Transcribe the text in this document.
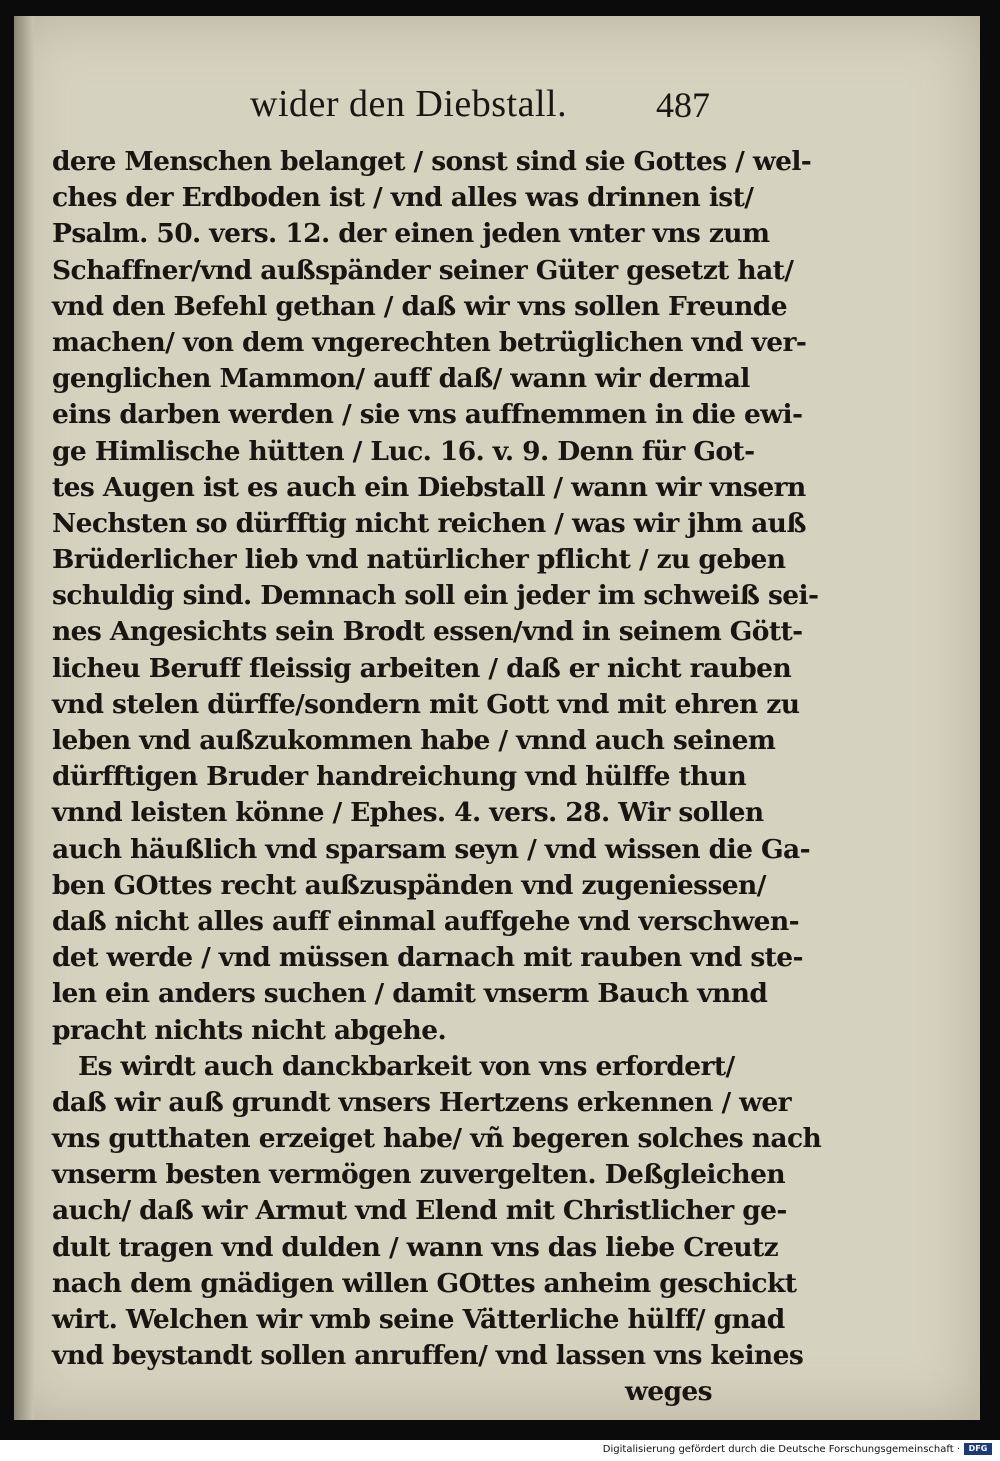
wider den Diebstall. 487
dere Menschen belanget / sonst sind sie Gottes / wel-
ches der Erdboden ist / vnd alles was drinnen ist/
Psalm. 50. vers. 12. der einen jeden vnter vns zum
Schaffner/vnd außspänder seiner Güter gesetzt hat/
vnd den Befehl gethan / daß wir vns sollen Freunde
machen/ von dem vngerechten betrüglichen vnd ver-
genglichen Mammon/ auff daß/ wann wir dermal
eins darben werden / sie vns auffnemmen in die ewi-
ge Himlische hütten / Luc. 16. v. 9. Denn für Got-
tes Augen ist es auch ein Diebstall / wann wir vnsern
Nechsten so dürfftig nicht reichen / was wir jhm auß
Brüderlicher lieb vnd natürlicher pflicht / zu geben
schuldig sind. Demnach soll ein jeder im schweiß sei-
nes Angesichts sein Brodt essen/vnd in seinem Gött-
licheu Beruff fleissig arbeiten / daß er nicht rauben
vnd stelen dürffe/sondern mit Gott vnd mit ehren zu
leben vnd außzukommen habe / vnnd auch seinem
dürfftigen Bruder handreichung vnd hülffe thun
vnnd leisten könne / Ephes. 4. vers. 28. Wir sollen
auch häußlich vnd sparsam seyn / vnd wissen die Ga-
ben GOttes recht außzuspänden vnd zugeniessen/
daß nicht alles auff einmal auffgehe vnd verschwen-
det werde / vnd müssen darnach mit rauben vnd ste-
len ein anders suchen / damit vnserm Bauch vnnd
pracht nichts nicht abgehe.
Es wirdt auch danckbarkeit von vns erfordert/
daß wir auß grundt vnsers Hertzens erkennen / wer
vns gutthaten erzeiget habe/ vñ begeren solches nach
vnserm besten vermögen zuvergelten. Deßgleichen
auch/ daß wir Armut vnd Elend mit Christlicher ge-
dult tragen vnd dulden / wann vns das liebe Creutz
nach dem gnädigen willen GOttes anheim geschickt
wirt. Welchen wir vmb seine Vätterliche hülff/ gnad
vnd beystandt sollen anruffen/ vnd lassen vns keines
weges
Digitalisierung gefördert durch die Deutsche Forschungsgemeinschaft ·	DFG
